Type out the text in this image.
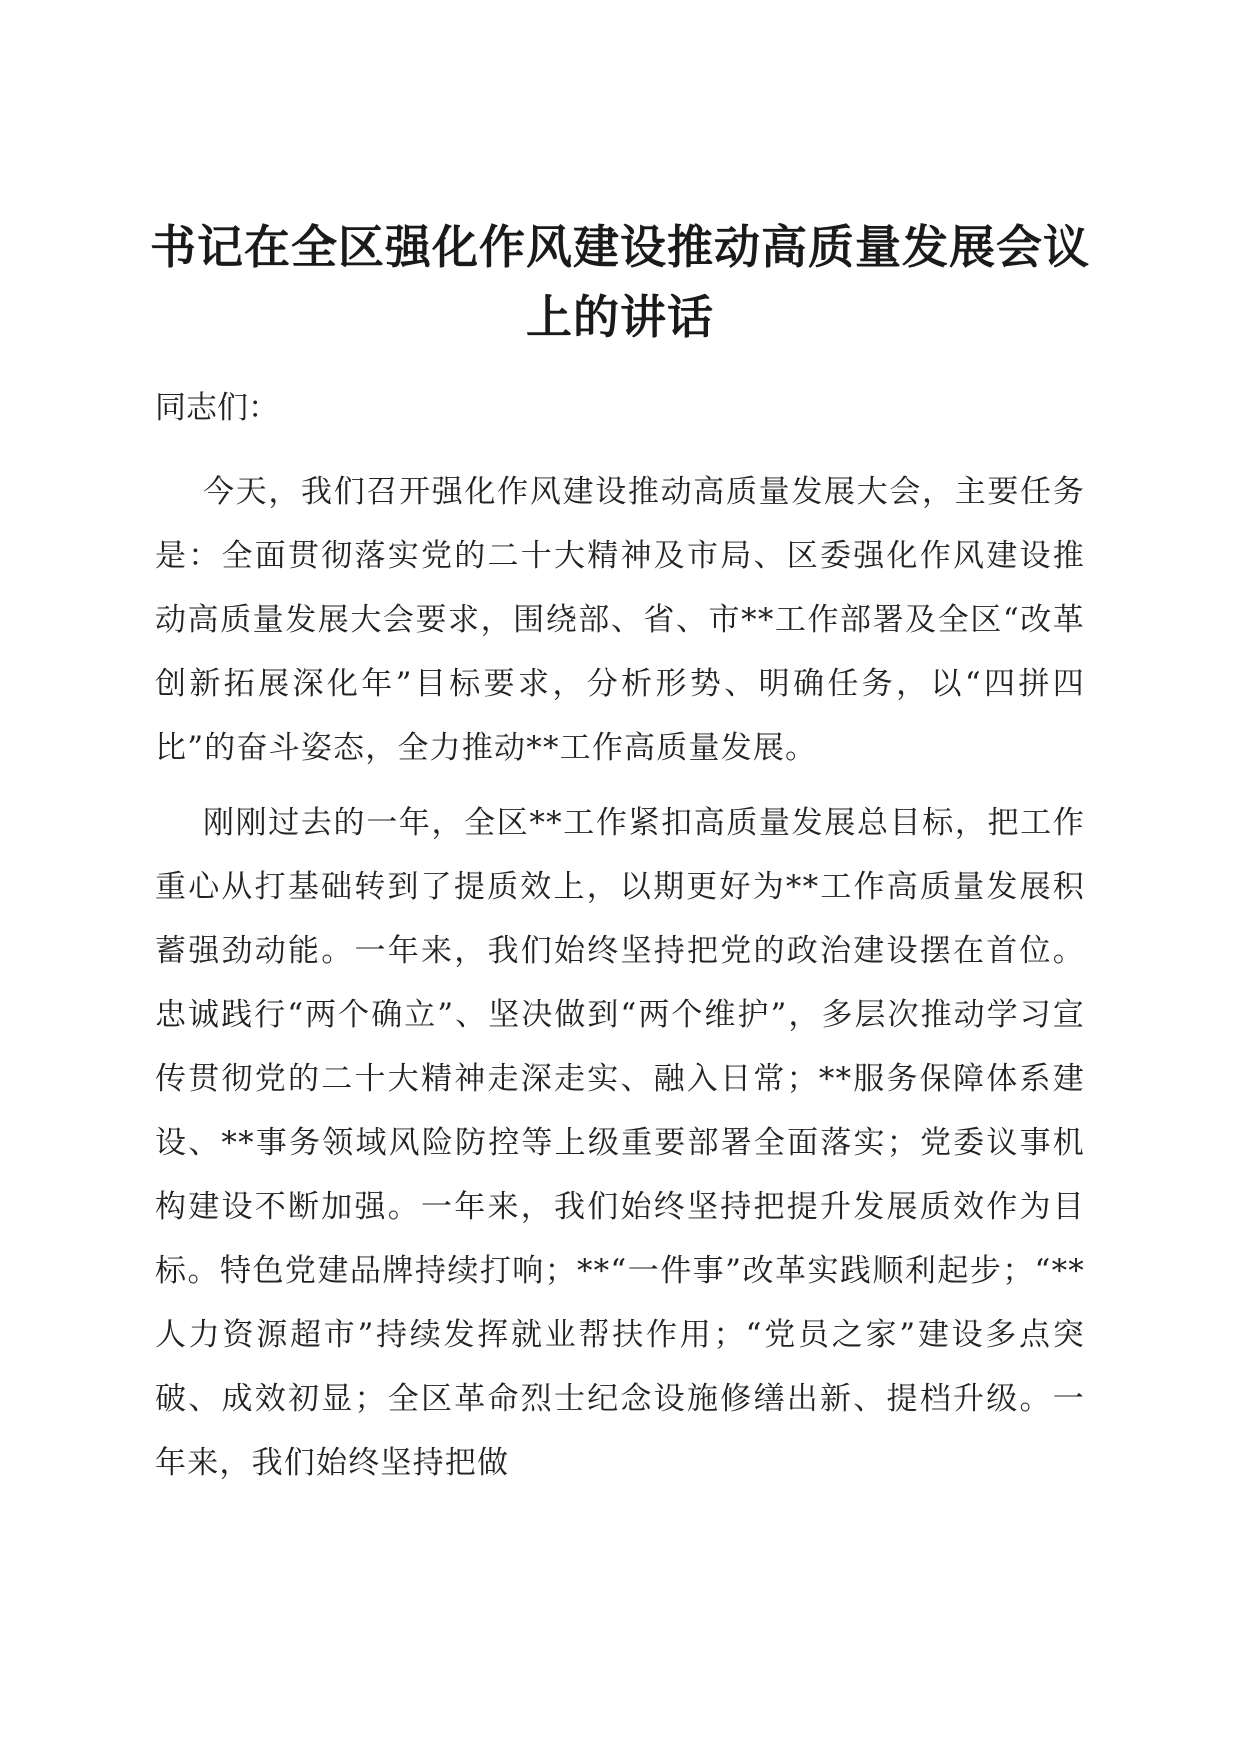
书记在全区强化作风建设推动高质量发展会议上的讲话

同志们：

今天，我们召开强化作风建设推动高质量发展大会，主要任务是：全面贯彻落实党的二十大精神及市局、区委强化作风建设推动高质量发展大会要求，围绕部、省、市**工作部署及全区“改革创新拓展深化年”目标要求，分析形势、明确任务，以“四拼四比”的奋斗姿态，全力推动**工作高质量发展。

刚刚过去的一年，全区**工作紧扣高质量发展总目标，把工作重心从打基础转到了提质效上，以期更好为**工作高质量发展积蓄强劲动能。一年来，我们始终坚持把党的政治建设摆在首位。忠诚践行“两个确立”、坚决做到“两个维护”，多层次推动学习宣传贯彻党的二十大精神走深走实、融入日常；**服务保障体系建设、**事务领域风险防控等上级重要部署全面落实；党委议事机构建设不断加强。一年来，我们始终坚持把提升发展质效作为目标。特色党建品牌持续打响；**“一件事”改革实践顺利起步；“**人力资源超市”持续发挥就业帮扶作用；“党员之家”建设多点突破、成效初显；全区革命烈士纪念设施修缮出新、提档升级。一年来，我们始终坚持把做
